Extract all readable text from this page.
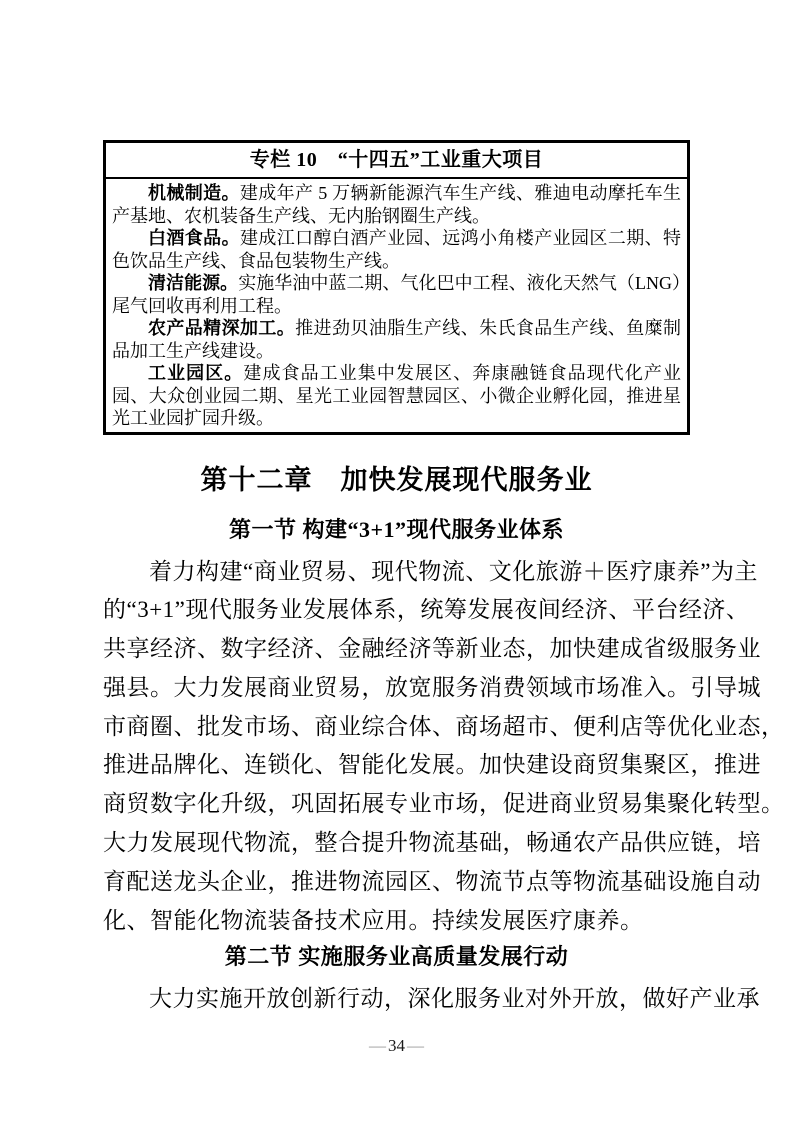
专栏 10　“十四五”工业重大项目

机械制造。建成年产 5 万辆新能源汽车生产线、雅迪电动摩托车生产基地、农机装备生产线、无内胎钢圈生产线。

白酒食品。建成江口醇白酒产业园、远鸿小角楼产业园区二期、特色饮品生产线、食品包装物生产线。

清洁能源。实施华油中蓝二期、气化巴中工程、液化天然气（LNG）尾气回收再利用工程。

农产品精深加工。推进劲贝油脂生产线、朱氏食品生产线、鱼糜制品加工生产线建设。

工业园区。建成食品工业集中发展区、奔康融链食品现代化产业园、大众创业园二期、星光工业园智慧园区、小微企业孵化园，推进星光工业园扩园升级。

第十二章　加快发展现代服务业
第一节 构建“3+1”现代服务业体系
着力构建“商业贸易、现代物流、文化旅游＋医疗康养”为主
的“3+1”现代服务业发展体系，统筹发展夜间经济、平台经济、
共享经济、数字经济、金融经济等新业态，加快建成省级服务业
强县。大力发展商业贸易，放宽服务消费领域市场准入。引导城
市商圈、批发市场、商业综合体、商场超市、便利店等优化业态，
推进品牌化、连锁化、智能化发展。加快建设商贸集聚区，推进
商贸数字化升级，巩固拓展专业市场，促进商业贸易集聚化转型。
大力发展现代物流，整合提升物流基础，畅通农产品供应链，培
育配送龙头企业，推进物流园区、物流节点等物流基础设施自动
化、智能化物流装备技术应用。持续发展医疗康养。
第二节 实施服务业高质量发展行动
大力实施开放创新行动，深化服务业对外开放，做好产业承
— 34 —
